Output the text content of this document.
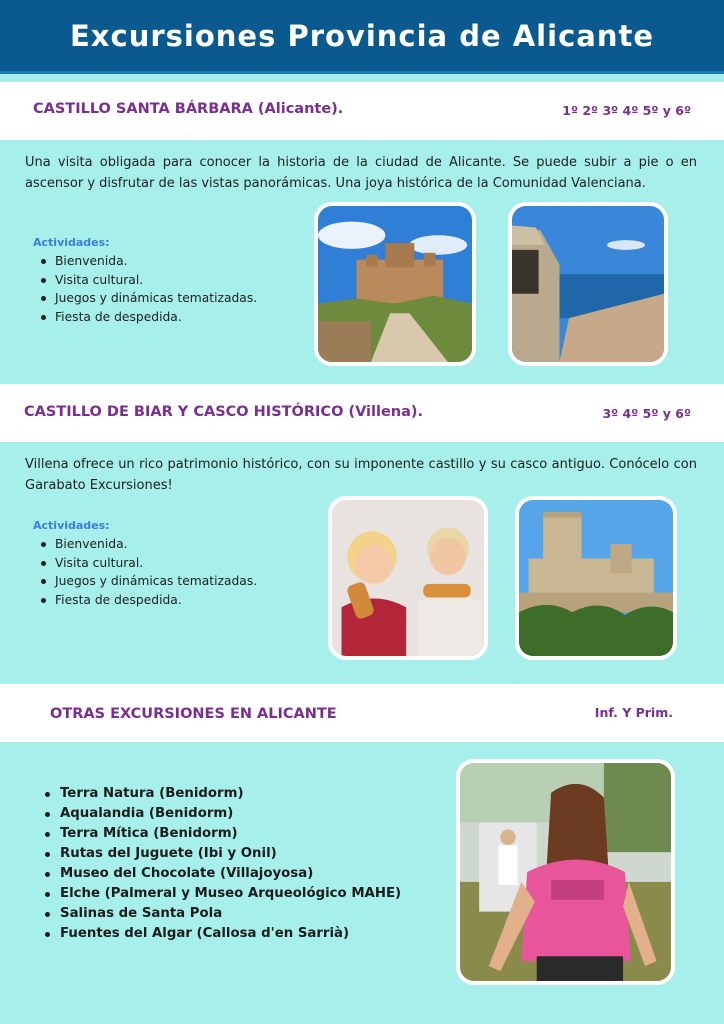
Excursiones Provincia de Alicante
CASTILLO SANTA BÁRBARA (Alicante).	1º 2º 3º 4º 5º y 6º

Una visita obligada para conocer la historia de la ciudad de Alicante. Se puede subir a pie o en ascensor y disfrutar de las vistas panorámicas. Una joya histórica de la Comunidad Valenciana.

Actividades:
Bienvenida.
Visita cultural.
Juegos y dinámicas tematizadas.
Fiesta de despedida.
CASTILLO DE BIAR Y CASCO HISTÓRICO (Villena).	3º 4º 5º y 6º

Villena ofrece un rico patrimonio histórico, con su imponente castillo y su casco antiguo. Conócelo con Garabato Excursiones!

Actividades:
Bienvenida.
Visita cultural.
Juegos y dinámicas tematizadas.
Fiesta de despedida.
OTRAS EXCURSIONES EN ALICANTE	Inf. Y Prim.
Terra Natura (Benidorm)
Aqualandia (Benidorm)
Terra Mítica (Benidorm)
Rutas del Juguete (Ibi y Onil)
Museo del Chocolate (Villajoyosa)
Elche (Palmeral y Museo Arqueológico MAHE)
Salinas de Santa Pola
Fuentes del Algar (Callosa d'en Sarrià)
